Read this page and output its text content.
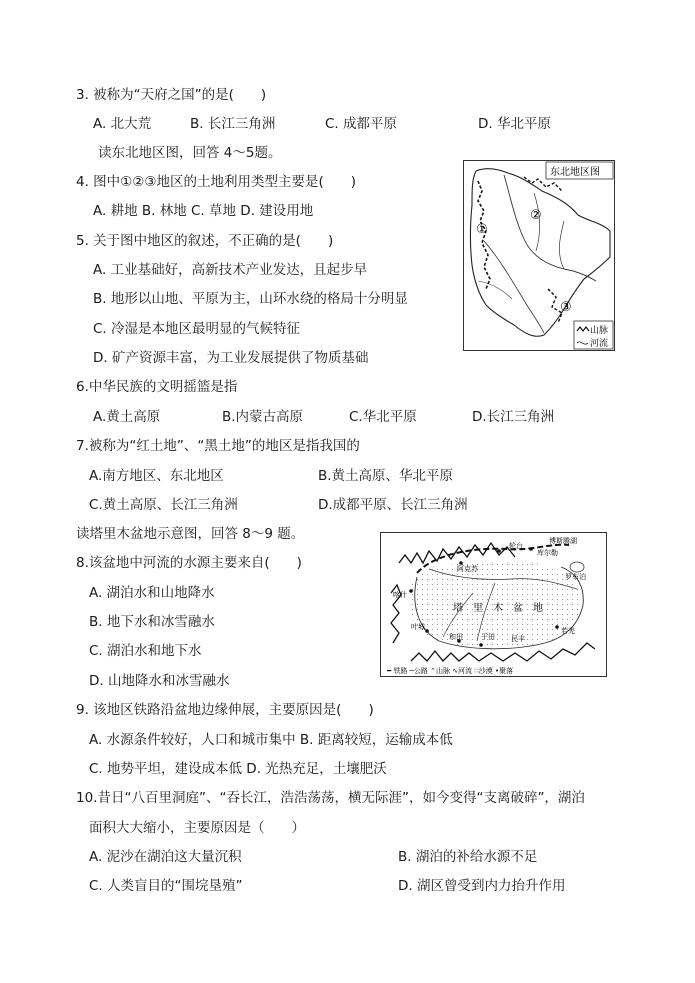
3. 被称为“天府之国”的是(　　)
A. 北大荒	B. 长江三角洲	C. 成都平原	D. 华北平原
读东北地区图，回答 4～5题。
4. 图中①②③地区的土地利用类型主要是(　　)
A. 耕地 B. 林地 C. 草地 D. 建设用地
5. 关于图中地区的叙述，不正确的是(　　)
A. 工业基础好，高新技术产业发达，且起步早
B. 地形以山地、平原为主，山环水绕的格局十分明显
C. 冷湿是本地区最明显的气候特征
D. 矿产资源丰富，为工业发展提供了物质基础
6.中华民族的文明摇篮是指
A.黄土高原	B.内蒙古高原	C.华北平原	D.长江三角洲
7.被称为“红土地”、“黑土地”的地区是指我国的
A.南方地区、东北地区	B.黄土高原、华北平原
C.黄土高原、长江三角洲	D.成都平原、长江三角洲
读塔里木盆地示意图，回答 8～9 题。
8.该盆地中河流的水源主要来自(　　)
A. 湖泊水和山地降水
B. 地下水和冰雪融水
C. 湖泊水和地下水
D. 山地降水和冰雪融水
9. 该地区铁路沿盆地边缘伸展，主要原因是(　　)
A. 水源条件较好，人口和城市集中 B. 距离较短，运输成本低
C. 地势平坦，建设成本低 D. 光热充足，土壤肥沃
10.昔日“八百里洞庭”、“吞长江，浩浩荡荡，横无际涯”，如今变得“支离破碎”，湖泊
面积大大缩小，主要原因是（　　）
A. 泥沙在湖泊这大量沉积	B. 湖泊的补给水源不足
C. 人类盲目的“围垸垦殖”	D. 湖区曾受到内力抬升作用
东北地区图
①
②
③
山脉
河流
博斯腾湖
库尔勒
轮台
阿克苏
罗布泊
喀什
叶城
和田	于田 民丰
若羌
塔　里　木　盆　地
━ 铁路 ─公路 ⌃山脉 ∿河流 ∷沙漠 •聚落
